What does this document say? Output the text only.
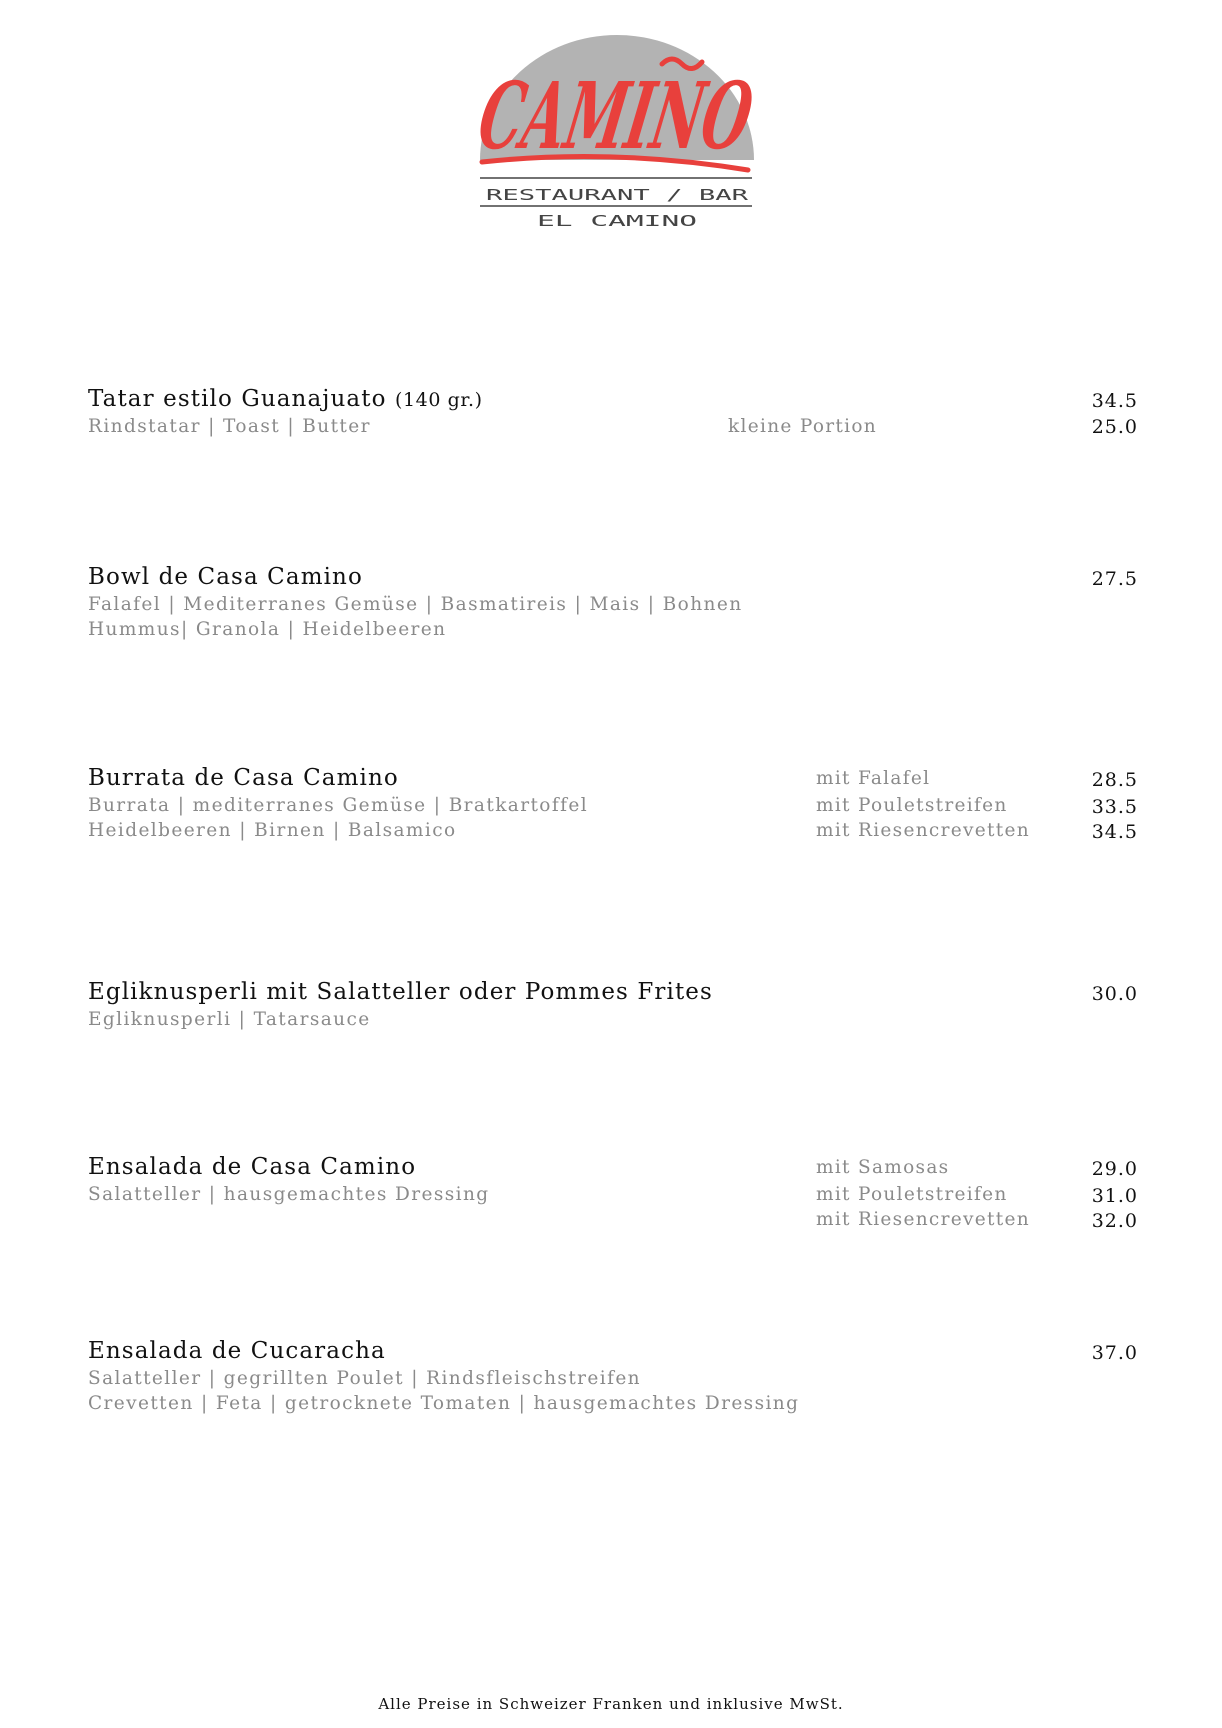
CAMINO
RESTAURANT / BAR
EL CAMINO
Tatar estilo Guanajuato (140 gr.)	34.5
Rindstatar | Toast | Butter	kleine Portion	25.0
Bowl de Casa Camino	27.5
Falafel | Mediterranes Gemüse | Basmatireis | Mais | Bohnen
Hummus| Granola | Heidelbeeren
Burrata de Casa Camino
Burrata | mediterranes Gemüse | Bratkartoffel
Heidelbeeren | Birnen | Balsamico
mit Falafel	28.5
mit Pouletstreifen	33.5
mit Riesencrevetten	34.5
Egliknusperli mit Salatteller oder Pommes Frites	30.0
Egliknusperli | Tatarsauce
Ensalada de Casa Camino
Salatteller | hausgemachtes Dressing
mit Samosas	29.0
mit Pouletstreifen	31.0
mit Riesencrevetten	32.0
Ensalada de Cucaracha	37.0
Salatteller | gegrillten Poulet | Rindsfleischstreifen
Crevetten | Feta | getrocknete Tomaten | hausgemachtes Dressing
Alle Preise in Schweizer Franken und inklusive MwSt.
